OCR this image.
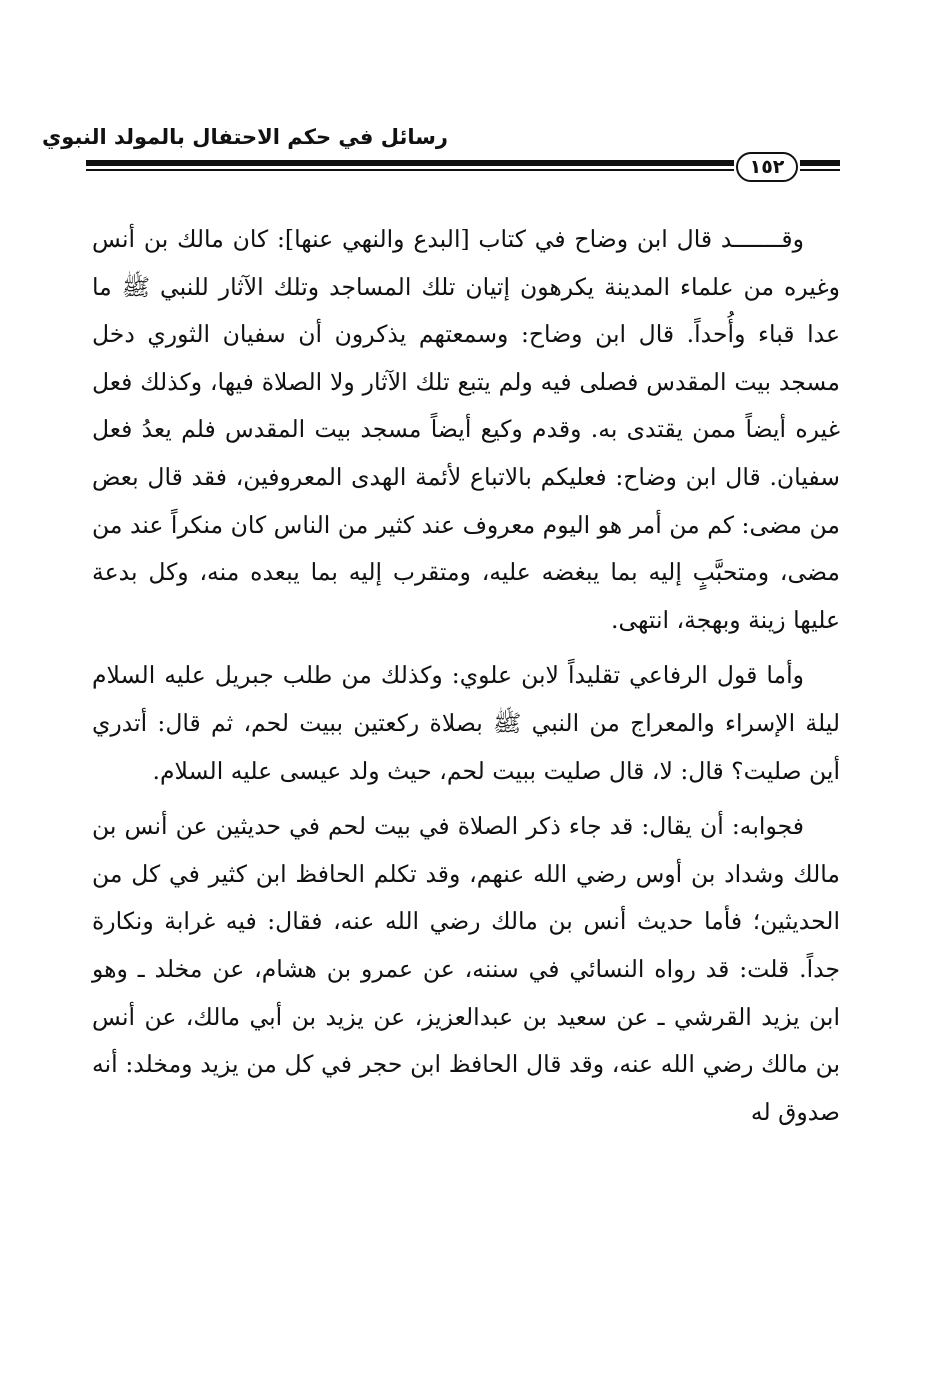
رسائل في حكم الاحتفال بالمولد النبوي
١٥٢

وقـــــــد قال ابن وضاح في كتاب [البدع والنهي عنها]: كان مالك بن أنس وغيره من علماء المدينة يكرهون إتيان تلك المساجد وتلك الآثار للنبي ﷺ ما عدا قباء وأُحداً. قال ابن وضاح: وسمعتهم يذكرون أن سفيان الثوري دخل مسجد بيت المقدس فصلى فيه ولم يتبع تلك الآثار ولا الصلاة فيها، وكذلك فعل غيره أيضاً ممن يقتدى به. وقدم وكيع أيضاً مسجد بيت المقدس فلم يعدُ فعل سفيان. قال ابن وضاح: فعليكم بالاتباع لأئمة الهدى المعروفين، فقد قال بعض من مضى: كم من أمر هو اليوم معروف عند كثير من الناس كان منكراً عند من مضى، ومتحبَّبٍ إليه بما يبغضه عليه، ومتقرب إليه بما يبعده منه، وكل بدعة عليها زينة وبهجة، انتهى.

وأما قول الرفاعي تقليداً لابن علوي: وكذلك من طلب جبريل عليه السلام ليلة الإسراء والمعراج من النبي ﷺ بصلاة ركعتين ببيت لحم، ثم قال: أتدري أين صليت؟ قال: لا، قال صليت ببيت لحم، حيث ولد عيسى عليه السلام.

فجوابه: أن يقال: قد جاء ذكر الصلاة في بيت لحم في حديثين عن أنس بن مالك وشداد بن أوس رضي الله عنهم، وقد تكلم الحافظ ابن كثير في كل من الحديثين؛ فأما حديث أنس بن مالك رضي الله عنه، فقال: فيه غرابة ونكارة جداً. قلت: قد رواه النسائي في سننه، عن عمرو بن هشام، عن مخلد ـ وهو ابن يزيد القرشي ـ عن سعيد بن عبدالعزيز، عن يزيد بن أبي مالك، عن أنس بن مالك رضي الله عنه، وقد قال الحافظ ابن حجر في كل من يزيد ومخلد: أنه صدوق له
